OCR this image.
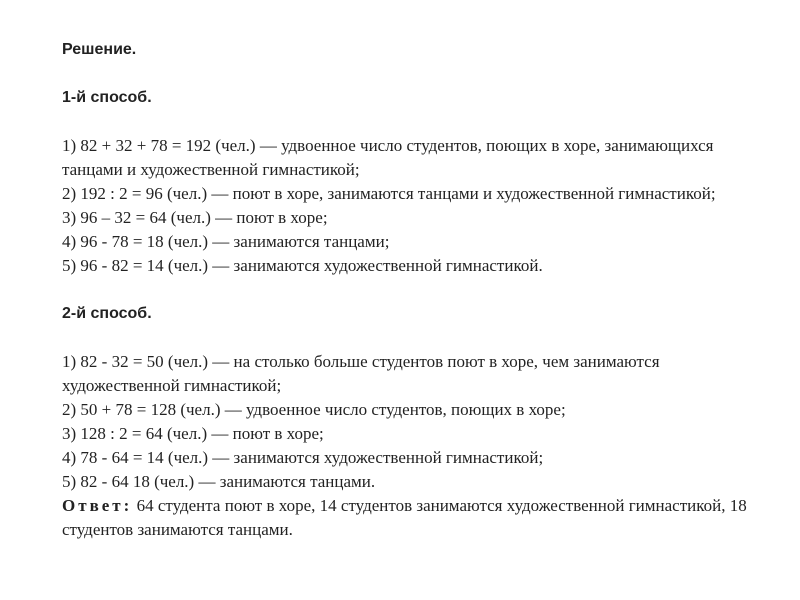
Решение.

1-й способ.

1) 82 + 32 + 78 = 192 (чел.) — удвоенное число студентов, поющих в хоре, занимающихся танцами и художественной гимнастикой;

2) 192 : 2 = 96 (чел.) — поют в хоре, занимаются танцами и художественной гимнастикой;

3) 96 – 32 = 64 (чел.) — поют в хоре;

4) 96 - 78 = 18 (чел.) — занимаются танцами;

5) 96 - 82 = 14 (чел.) — занимаются художественной гимнастикой.

2-й способ.

1) 82 - 32 = 50 (чел.) — на столько больше студентов поют в хоре, чем занимаются художественной гимнастикой;

2) 50 + 78 = 128 (чел.) — удвоенное число студентов, поющих в хоре;

3) 128 : 2 = 64 (чел.) — поют в хоре;

4) 78 - 64 = 14 (чел.) — занимаются художественной гимнастикой;

5) 82 - 64 18 (чел.) — занимаются танцами.

Ответ: 64 студента поют в хоре, 14 студентов занимаются художественной гимнастикой, 18 студентов занимаются танцами.
